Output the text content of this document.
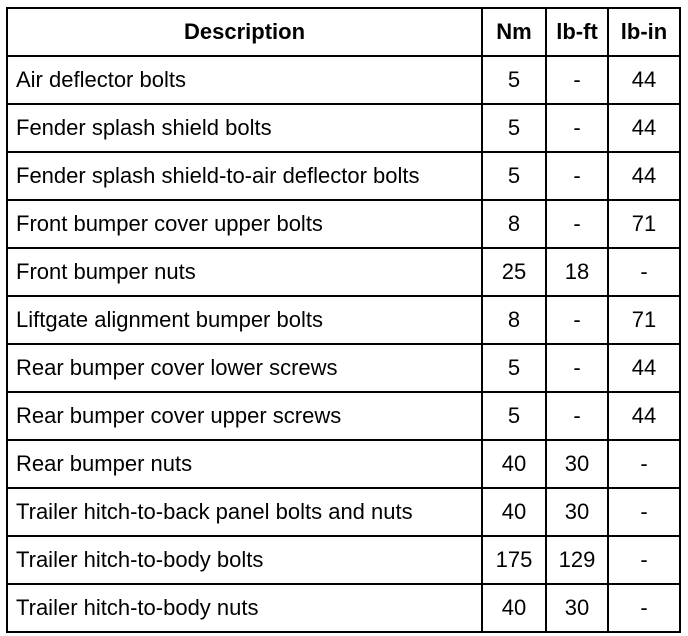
Description	Nm	lb-ft	lb-in
Air deflector bolts	5	-	44
Fender splash shield bolts	5	-	44
Fender splash shield-to-air deflector bolts	5	-	44
Front bumper cover upper bolts	8	-	71
Front bumper nuts	25	18	-
Liftgate alignment bumper bolts	8	-	71
Rear bumper cover lower screws	5	-	44
Rear bumper cover upper screws	5	-	44
Rear bumper nuts	40	30	-
Trailer hitch-to-back panel bolts and nuts	40	30	-
Trailer hitch-to-body bolts	175	129	-
Trailer hitch-to-body nuts	40	30	-
